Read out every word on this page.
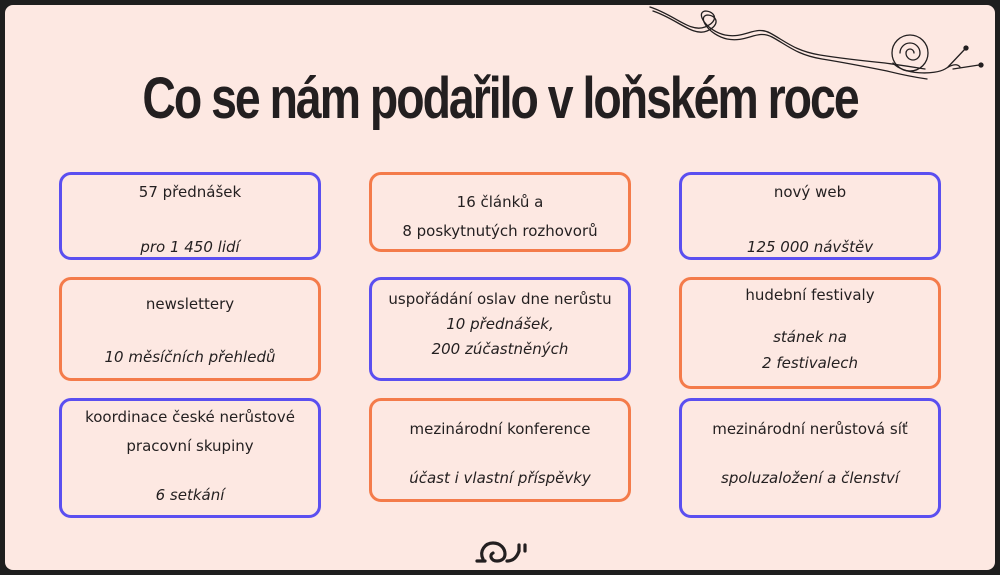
Co se nám podařilo v loňském roce
57 přednášek
pro 1 450 lidí
16 článků a
8 poskytnutých rozhovorů
nový web
125 000 návštěv
newslettery
10 měsíčních přehledů
uspořádání oslav dne nerůstu
10 přednášek,
200 zúčastněných
hudební festivaly
stánek na
2 festivalech
koordinace české nerůstové
pracovní skupiny
6 setkání
mezinárodní konference
účast i vlastní příspěvky
mezinárodní nerůstová síť
spoluzaložení a členství
